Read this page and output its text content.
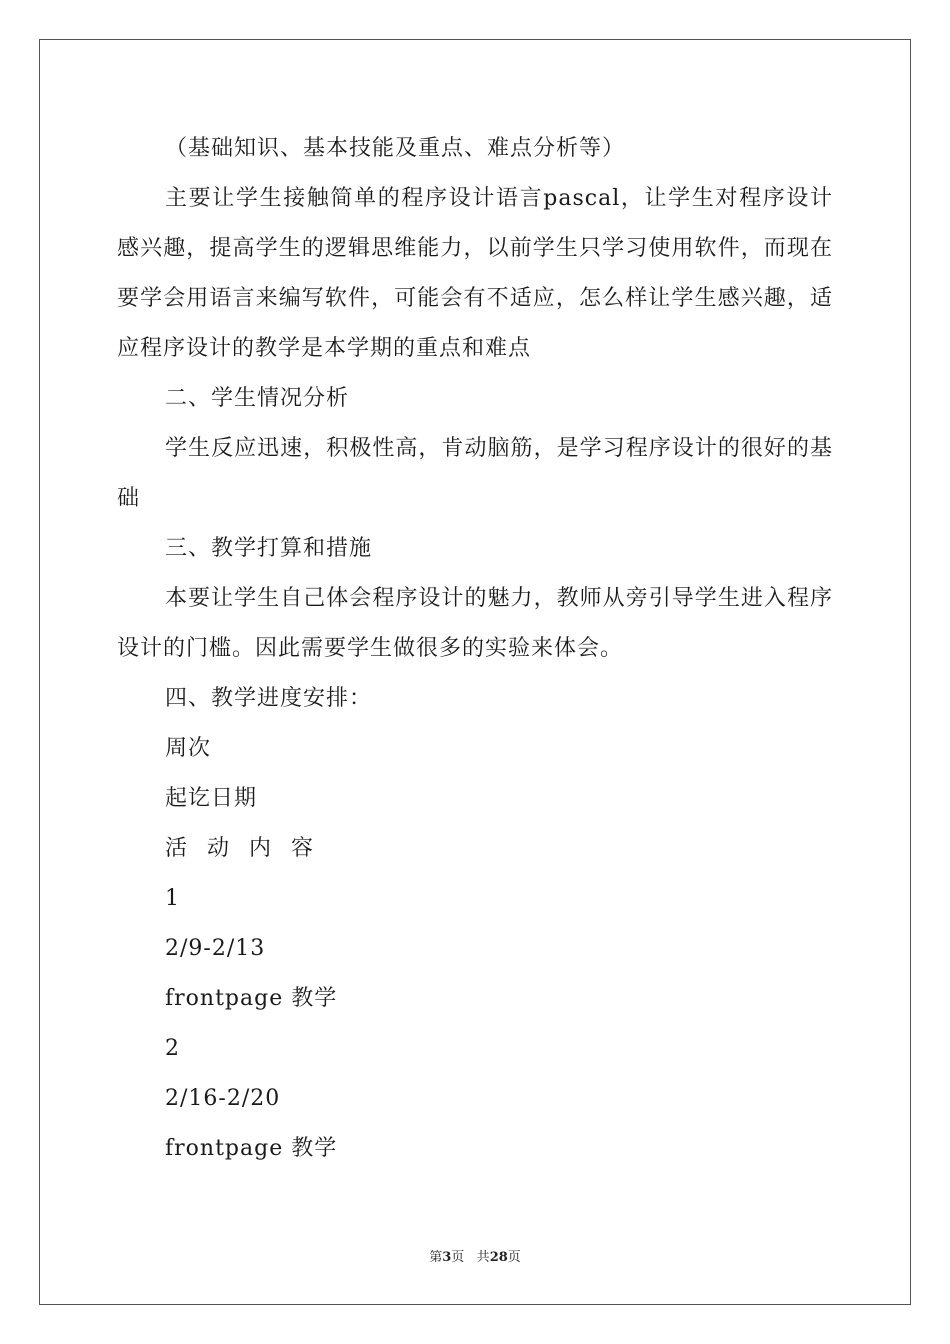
（基础知识、基本技能及重点、难点分析等）
主要让学生接触简单的程序设计语言pascal，让学生对程序设计感兴趣，提高学生的逻辑思维能力，以前学生只学习使用软件，而现在要学会用语言来编写软件，可能会有不适应，怎么样让学生感兴趣，适应程序设计的教学是本学期的重点和难点
二、学生情况分析
学生反应迅速，积极性高，肯动脑筋，是学习程序设计的很好的基础
三、教学打算和措施
本要让学生自己体会程序设计的魅力，教师从旁引导学生进入程序设计的门槛。因此需要学生做很多的实验来体会。
四、教学进度安排：
周次
起讫日期
活动内容
1
2/9-2/13
frontpage 教学
2
2/16-2/20
frontpage 教学
第3页 共28页
